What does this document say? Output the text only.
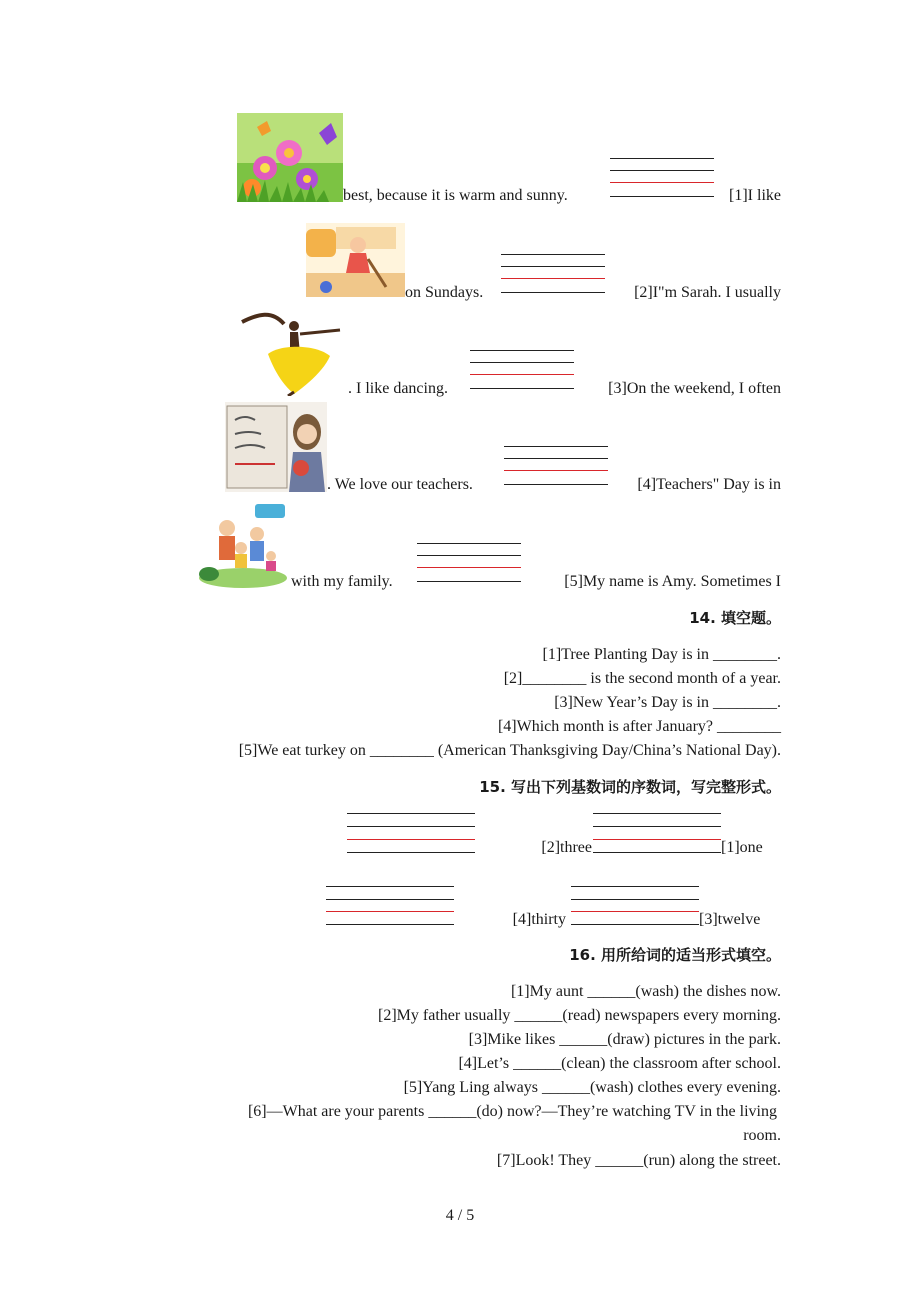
best, because it is warm and sunny.	[1]I like
on Sundays.	[2]I"m Sarah. I usually
. I like dancing.	[3]On the weekend, I often
. We love our teachers.	[4]Teachers" Day is in
with my family.	[5]My name is Amy. Sometimes I
14. 填空题。
[1]Tree Planting Day is in ________.
[2]________ is the second month of a year.
[3]New Year’s Day is in ________.
[4]Which month is after January? ________
[5]We eat turkey on ________ (American Thanksgiving Day/China’s National Day).
15. 写出下列基数词的序数词，写完整形式。
[2]three	[1]one
[4]thirty	[3]twelve
16. 用所给词的适当形式填空。
[1]My aunt ______(wash) the dishes now.
[2]My father usually ______(read) newspapers every morning.
[3]Mike likes ______(draw) pictures in the park.
[4]Let’s ______(clean) the classroom after school.
[5]Yang Ling always ______(wash) clothes every evening.
[6]—What are your parents ______(do) now?—They’re watching TV in the living
room.
[7]Look! They ______(run) along the street.
4 / 5
